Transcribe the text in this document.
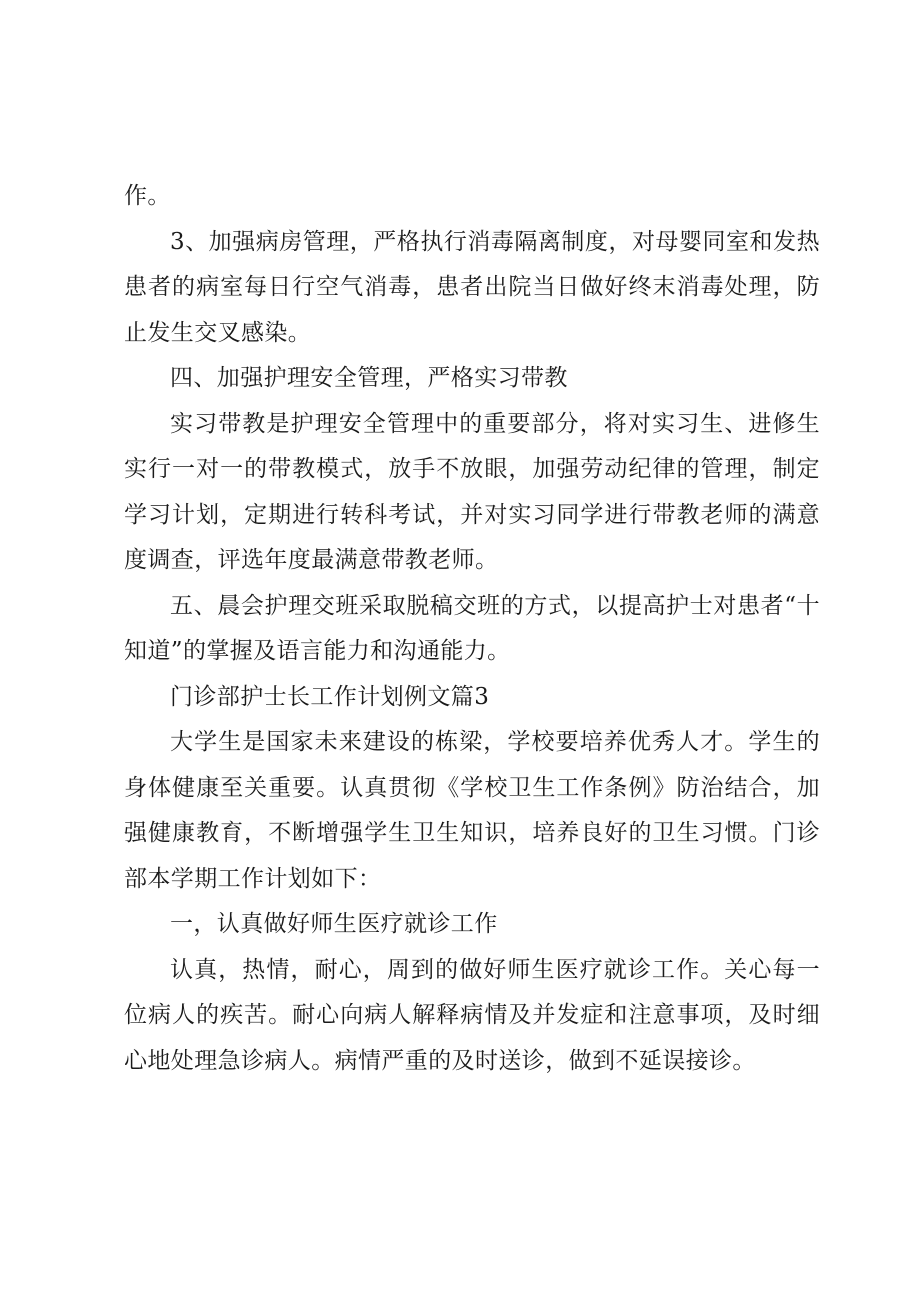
作。

3、加强病房管理，严格执行消毒隔离制度，对母婴同室和发热患者的病室每日行空气消毒，患者出院当日做好终末消毒处理，防止发生交叉感染。

四、加强护理安全管理，严格实习带教

实习带教是护理安全管理中的重要部分，将对实习生、进修生实行一对一的带教模式，放手不放眼，加强劳动纪律的管理，制定学习计划，定期进行转科考试，并对实习同学进行带教老师的满意度调查，评选年度最满意带教老师。

五、晨会护理交班采取脱稿交班的方式，以提高护士对患者“十知道”的掌握及语言能力和沟通能力。

门诊部护士长工作计划例文篇3

大学生是国家未来建设的栋梁，学校要培养优秀人才。学生的身体健康至关重要。认真贯彻《学校卫生工作条例》防治结合，加强健康教育，不断增强学生卫生知识，培养良好的卫生习惯。门诊部本学期工作计划如下：

一，认真做好师生医疗就诊工作

认真，热情，耐心，周到的做好师生医疗就诊工作。关心每一位病人的疾苦。耐心向病人解释病情及并发症和注意事项，及时细心地处理急诊病人。病情严重的及时送诊，做到不延误接诊。
